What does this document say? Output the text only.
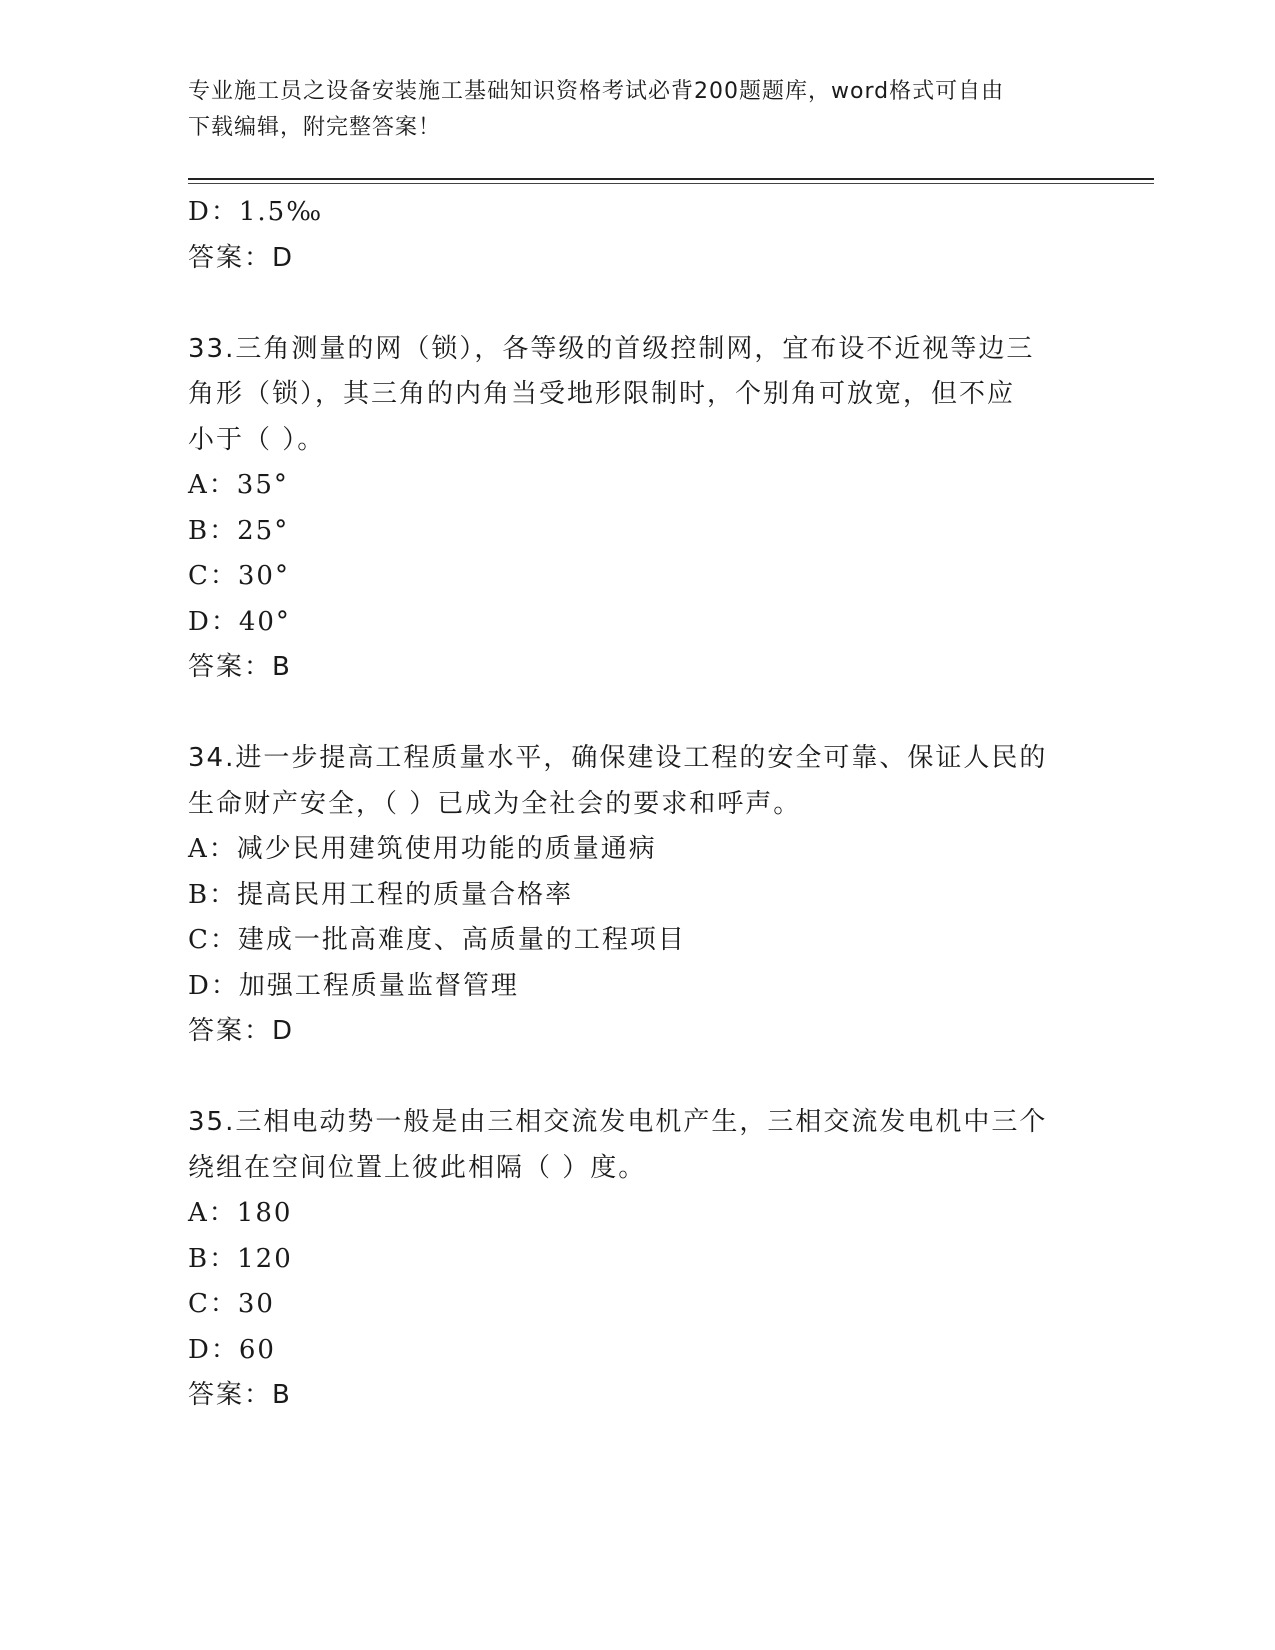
专业施工员之设备安装施工基础知识资格考试必背200题题库，word格式可自由
下载编辑，附完整答案！
D：1.5‰
答案：D
33.三角测量的网（锁），各等级的首级控制网，宜布设不近视等边三
角形（锁），其三角的内角当受地形限制时，个别角可放宽，但不应
小于（ ）。
A：35°
B：25°
C：30°
D：40°
答案：B
34.进一步提高工程质量水平，确保建设工程的安全可靠、保证人民的
生命财产安全，（ ）已成为全社会的要求和呼声。
A：减少民用建筑使用功能的质量通病
B：提高民用工程的质量合格率
C：建成一批高难度、高质量的工程项目
D：加强工程质量监督管理
答案：D
35.三相电动势一般是由三相交流发电机产生，三相交流发电机中三个
绕组在空间位置上彼此相隔（ ）度。
A：180
B：120
C：30
D：60
答案：B
